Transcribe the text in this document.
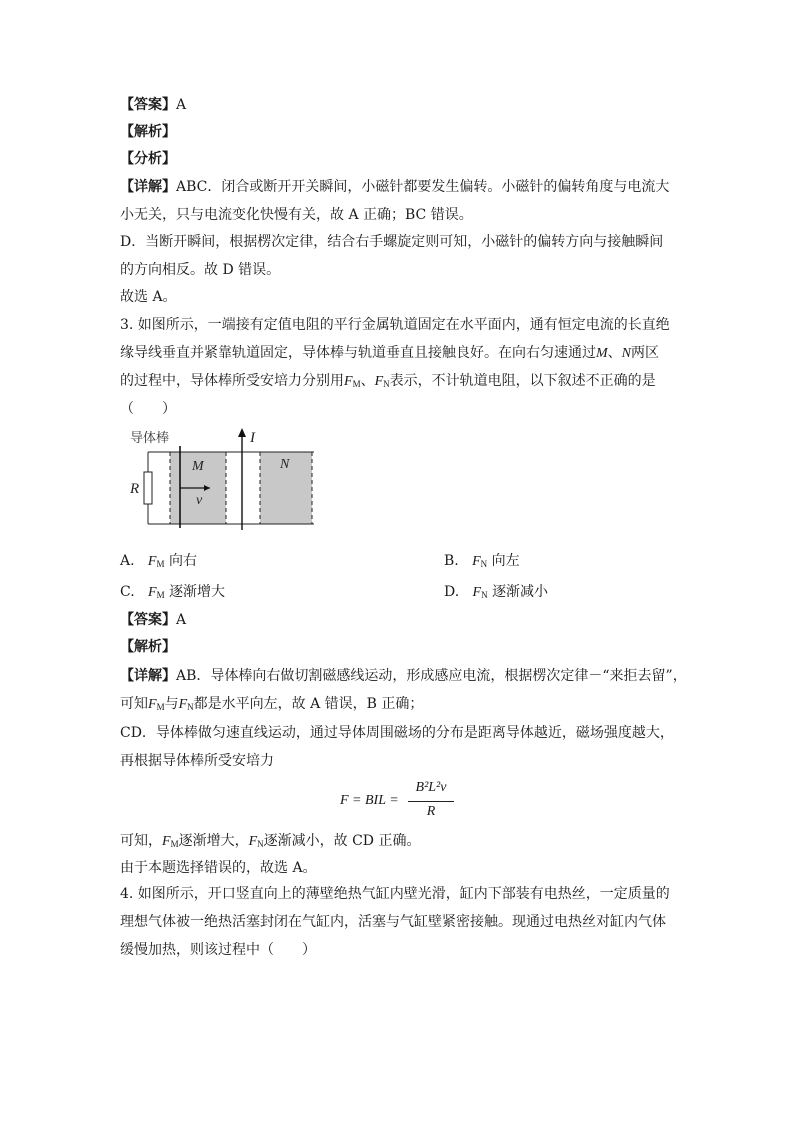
【答案】A
【解析】
【分析】
【详解】ABC．闭合或断开开关瞬间，小磁针都要发生偏转。小磁针的偏转角度与电流大
小无关，只与电流变化快慢有关，故 A 正确；BC 错误。
D．当断开瞬间，根据楞次定律，结合右手螺旋定则可知，小磁针的偏转方向与接触瞬间
的方向相反。故 D 错误。
故选 A。
3. 如图所示，一端接有定值电阻的平行金属轨道固定在水平面内，通有恒定电流的长直绝
缘导线垂直并紧靠轨道固定，导体棒与轨道垂直且接触良好。在向右匀速通过M、N两区
的过程中，导体棒所受安培力分别用$F_M$、$F_N$表示，不计轨道电阻，以下叙述不正确的是
（　　）
R
导体棒
v
M	N
I
A. $F_M$ 向右	B. $F_N$ 向左
C. $F_M$ 逐渐增大	D. $F_N$ 逐渐减小
【答案】A
【解析】
【详解】AB．导体棒向右做切割磁感线运动，形成感应电流，根据楞次定律－“来拒去留”，
可知$F_M$与$F_N$都是水平向左，故 A 错误，B 正确；
CD．导体棒做匀速直线运动，通过导体周围磁场的分布是距离导体越近，磁场强度越大，
再根据导体棒所受安培力
F = BIL =
B²L²v
R
可知，$F_M$逐渐增大，$F_N$逐渐减小，故 CD 正确。
由于本题选择错误的，故选 A。
4. 如图所示，开口竖直向上的薄壁绝热气缸内壁光滑，缸内下部装有电热丝，一定质量的
理想气体被一绝热活塞封闭在气缸内，活塞与气缸壁紧密接触。现通过电热丝对缸内气体
缓慢加热，则该过程中（　　）
